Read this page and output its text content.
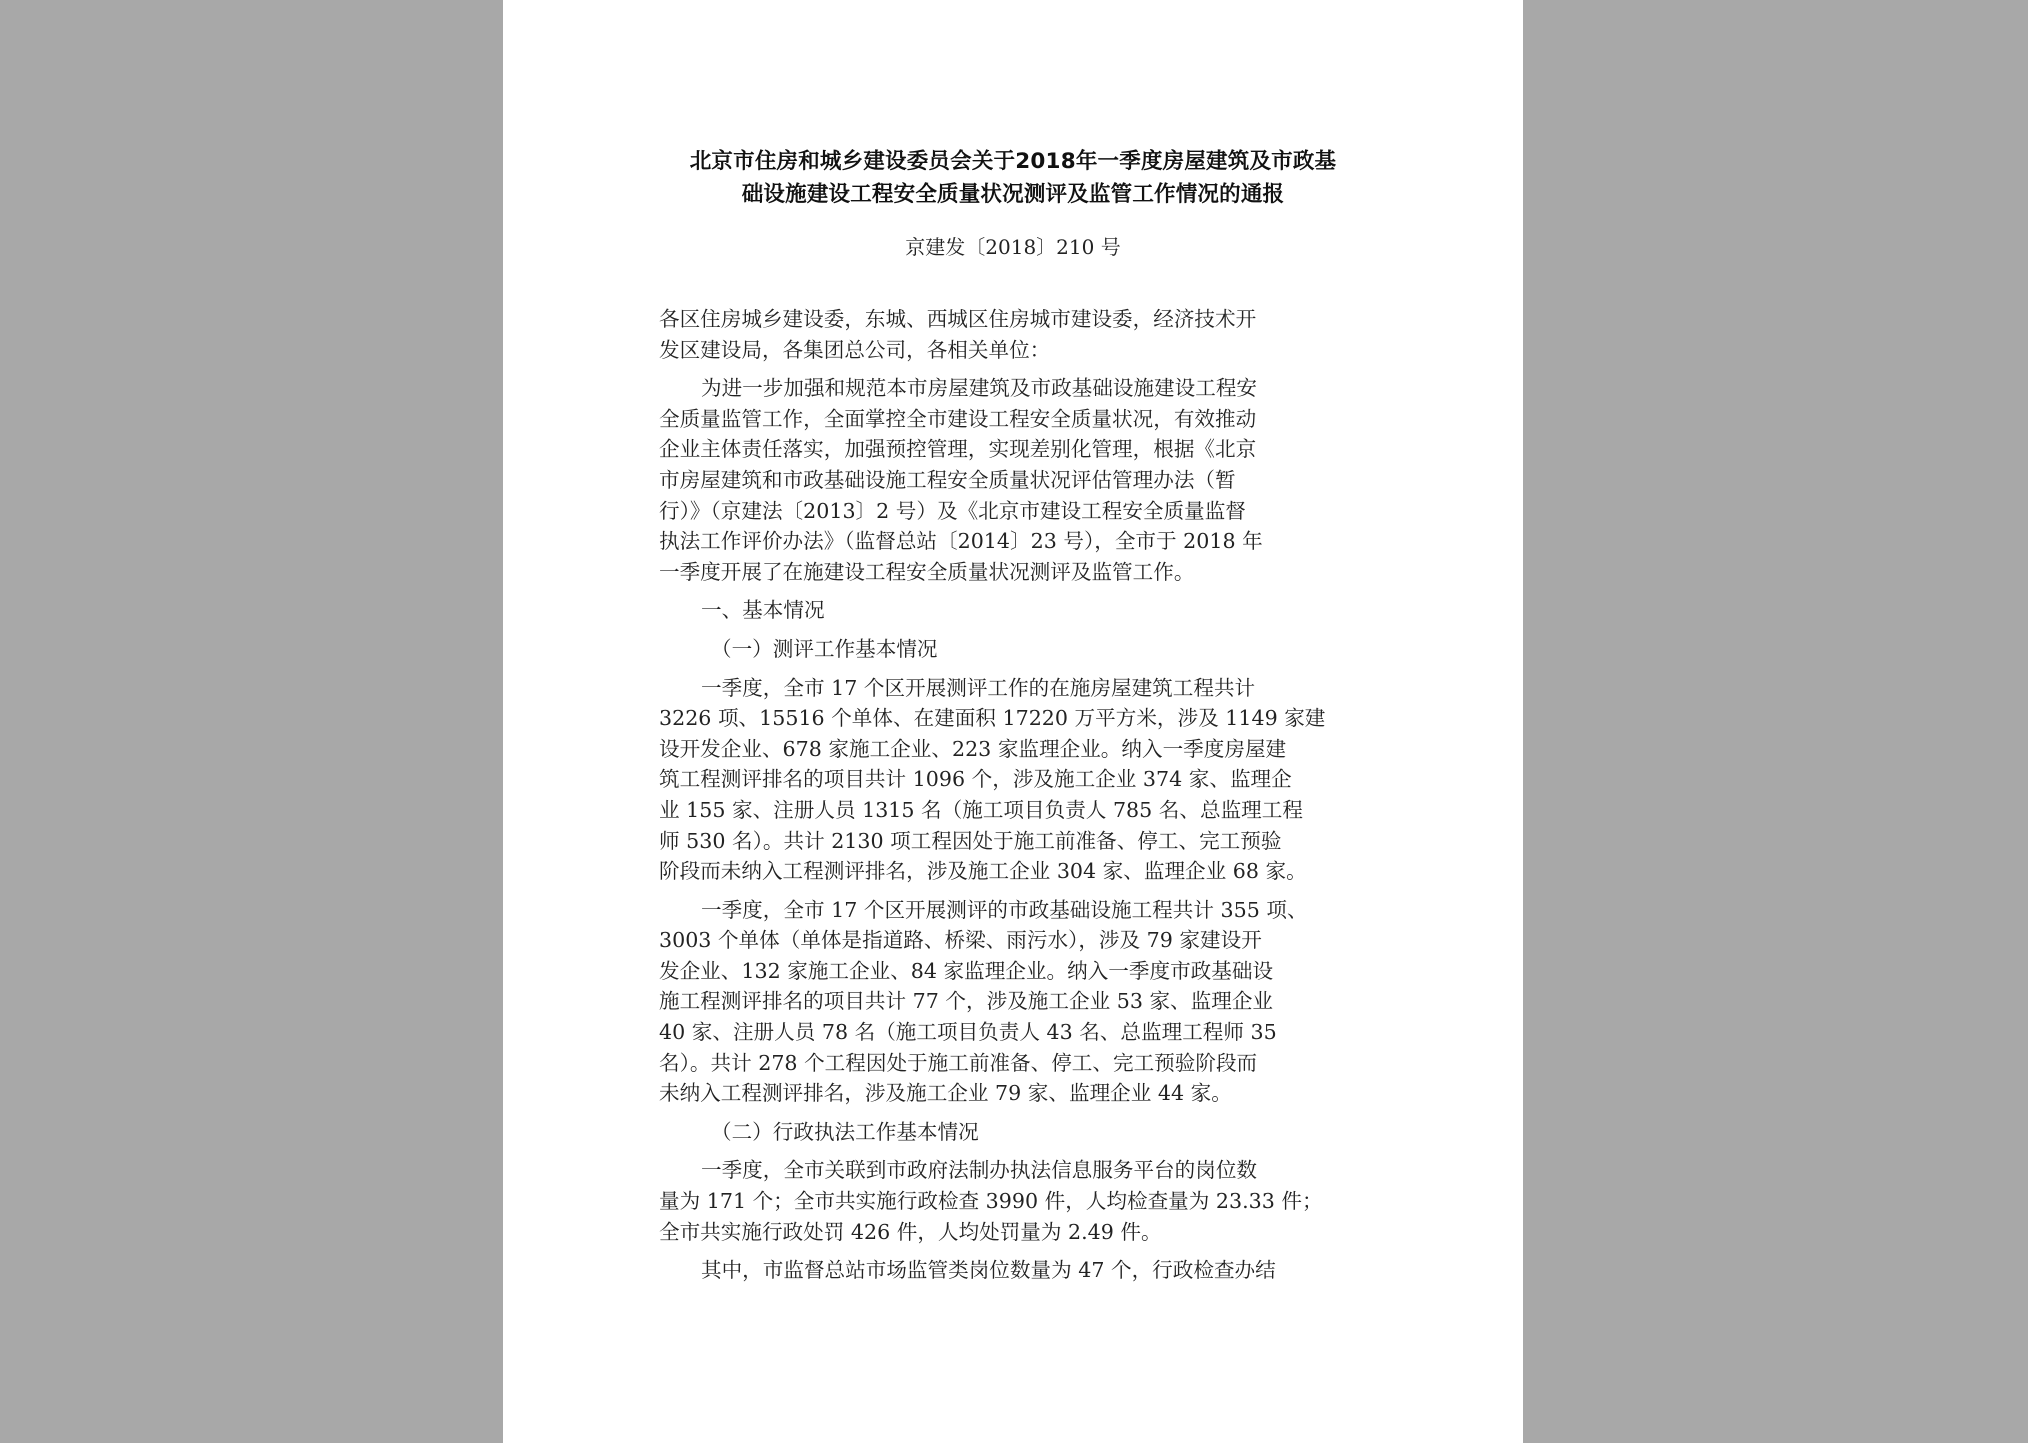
北京市住房和城乡建设委员会关于2018年一季度房屋建筑及市政基
础设施建设工程安全质量状况测评及监管工作情况的通报
京建发〔2018〕210 号
各区住房城乡建设委，东城、西城区住房城市建设委，经济技术开
发区建设局，各集团总公司，各相关单位：
为进一步加强和规范本市房屋建筑及市政基础设施建设工程安
全质量监管工作，全面掌控全市建设工程安全质量状况，有效推动
企业主体责任落实，加强预控管理，实现差别化管理，根据《北京
市房屋建筑和市政基础设施工程安全质量状况评估管理办法（暂
行）》（京建法〔2013〕2 号）及《北京市建设工程安全质量监督
执法工作评价办法》（监督总站〔2014〕23 号），全市于 2018 年
一季度开展了在施建设工程安全质量状况测评及监管工作。
一、基本情况
（一）测评工作基本情况
一季度，全市 17 个区开展测评工作的在施房屋建筑工程共计
3226 项、15516 个单体、在建面积 17220 万平方米，涉及 1149 家建
设开发企业、678 家施工企业、223 家监理企业。纳入一季度房屋建
筑工程测评排名的项目共计 1096 个，涉及施工企业 374 家、监理企
业 155 家、注册人员 1315 名（施工项目负责人 785 名、总监理工程
师 530 名）。共计 2130 项工程因处于施工前准备、停工、完工预验
阶段而未纳入工程测评排名，涉及施工企业 304 家、监理企业 68 家。
一季度，全市 17 个区开展测评的市政基础设施工程共计 355 项、
3003 个单体（单体是指道路、桥梁、雨污水），涉及 79 家建设开
发企业、132 家施工企业、84 家监理企业。纳入一季度市政基础设
施工程测评排名的项目共计 77 个，涉及施工企业 53 家、监理企业
40 家、注册人员 78 名（施工项目负责人 43 名、总监理工程师 35
名）。共计 278 个工程因处于施工前准备、停工、完工预验阶段而
未纳入工程测评排名，涉及施工企业 79 家、监理企业 44 家。
（二）行政执法工作基本情况
一季度，全市关联到市政府法制办执法信息服务平台的岗位数
量为 171 个；全市共实施行政检查 3990 件，人均检查量为 23.33 件；
全市共实施行政处罚 426 件，人均处罚量为 2.49 件。
其中，市监督总站市场监管类岗位数量为 47 个，行政检查办结
